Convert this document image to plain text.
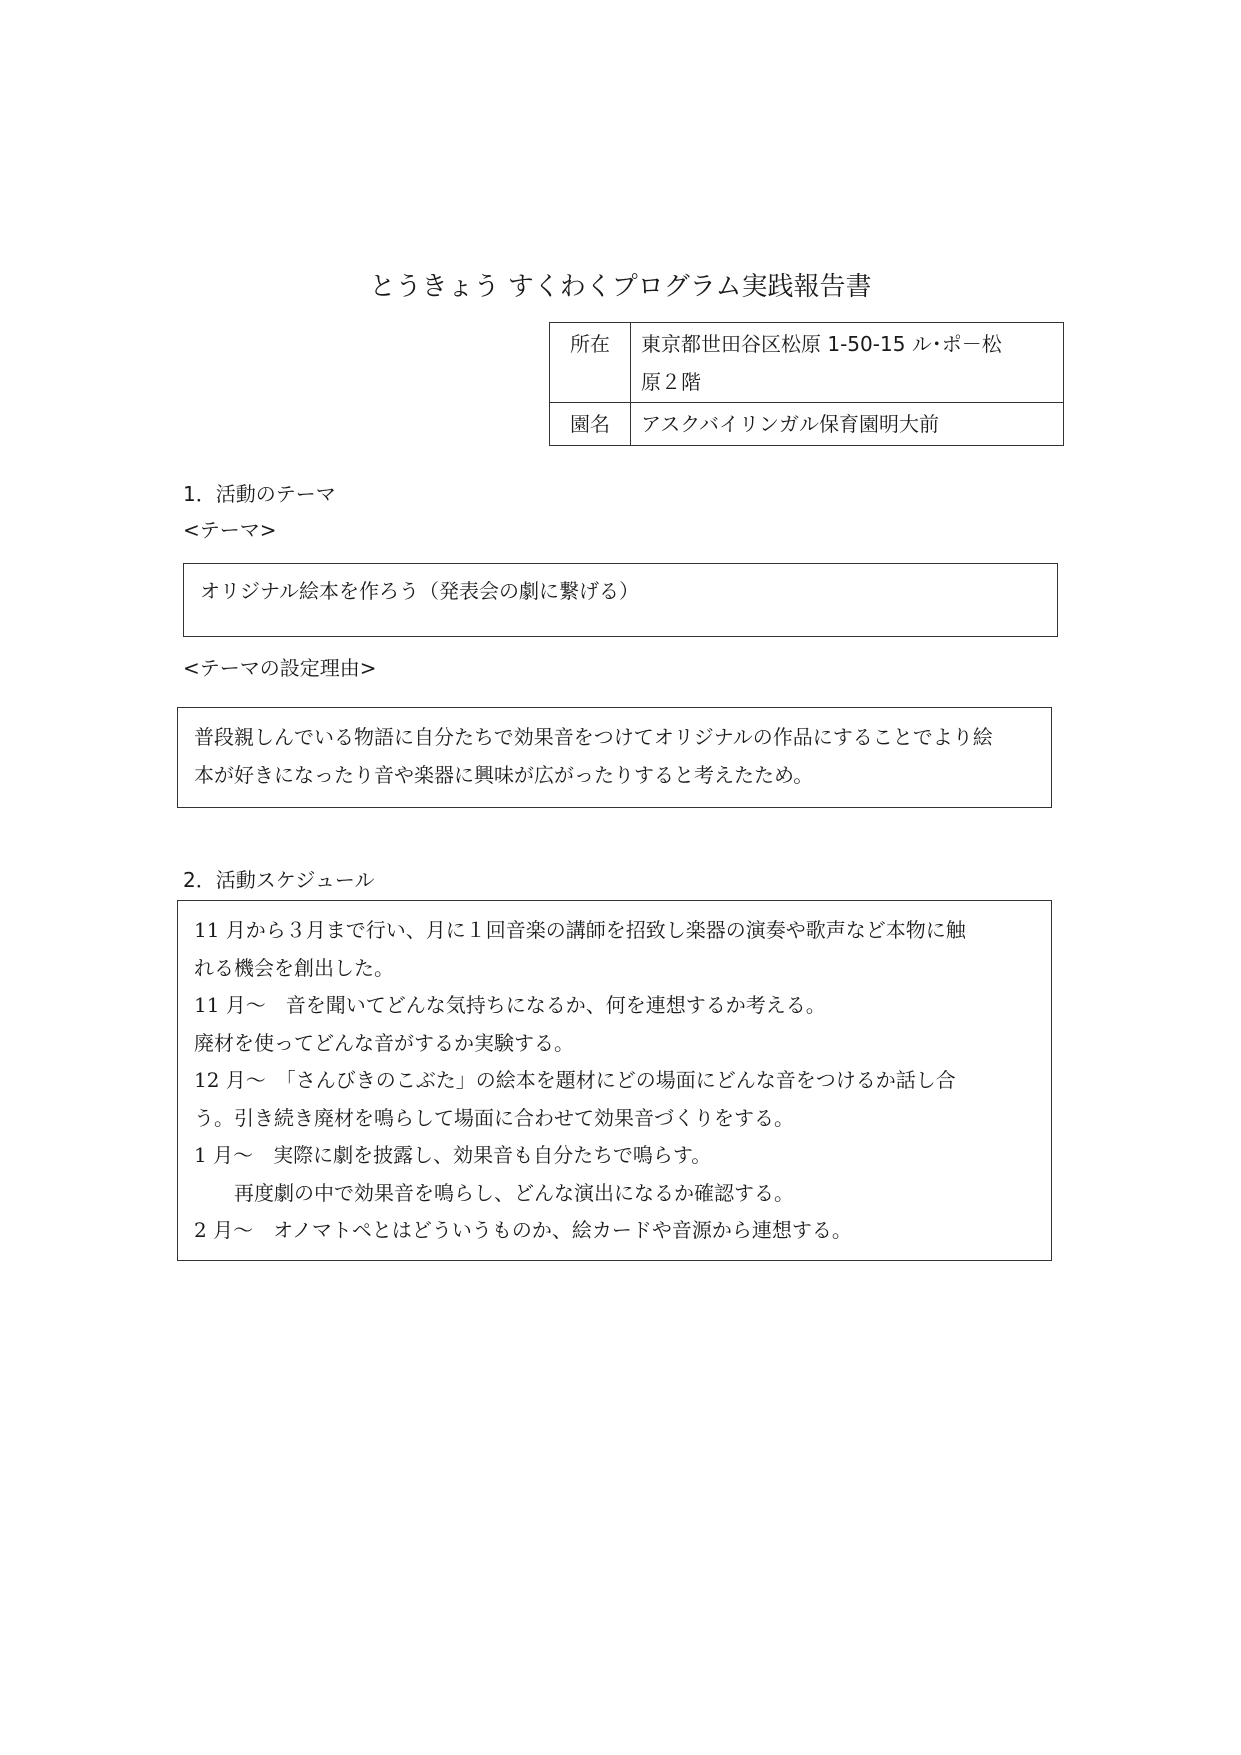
とうきょう すくわくプログラム実践報告書
所在	東京都世田谷区松原 1-50-15 ル･ポ－松
原２階

園名	アスクバイリンガル保育園明大前
1．活動のテーマ
<テーマ>
オリジナル絵本を作ろう（発表会の劇に繋げる）
<テーマの設定理由>
普段親しんでいる物語に自分たちで効果音をつけてオリジナルの作品にすることでより絵
本が好きになったり音や楽器に興味が広がったりすると考えたため。
2．活動スケジュール
11 月から３月まで行い、月に１回音楽の講師を招致し楽器の演奏や歌声など本物に触
れる機会を創出した。
11 月～　音を聞いてどんな気持ちになるか、何を連想するか考える。
廃材を使ってどんな音がするか実験する。
12 月～　「さんびきのこぶた」の絵本を題材にどの場面にどんな音をつけるか話し合
う。引き続き廃材を鳴らして場面に合わせて効果音づくりをする。
1 月～　実際に劇を披露し、効果音も自分たちで鳴らす。
　　再度劇の中で効果音を鳴らし、どんな演出になるか確認する。
2 月～　オノマトペとはどういうものか、絵カードや音源から連想する。
